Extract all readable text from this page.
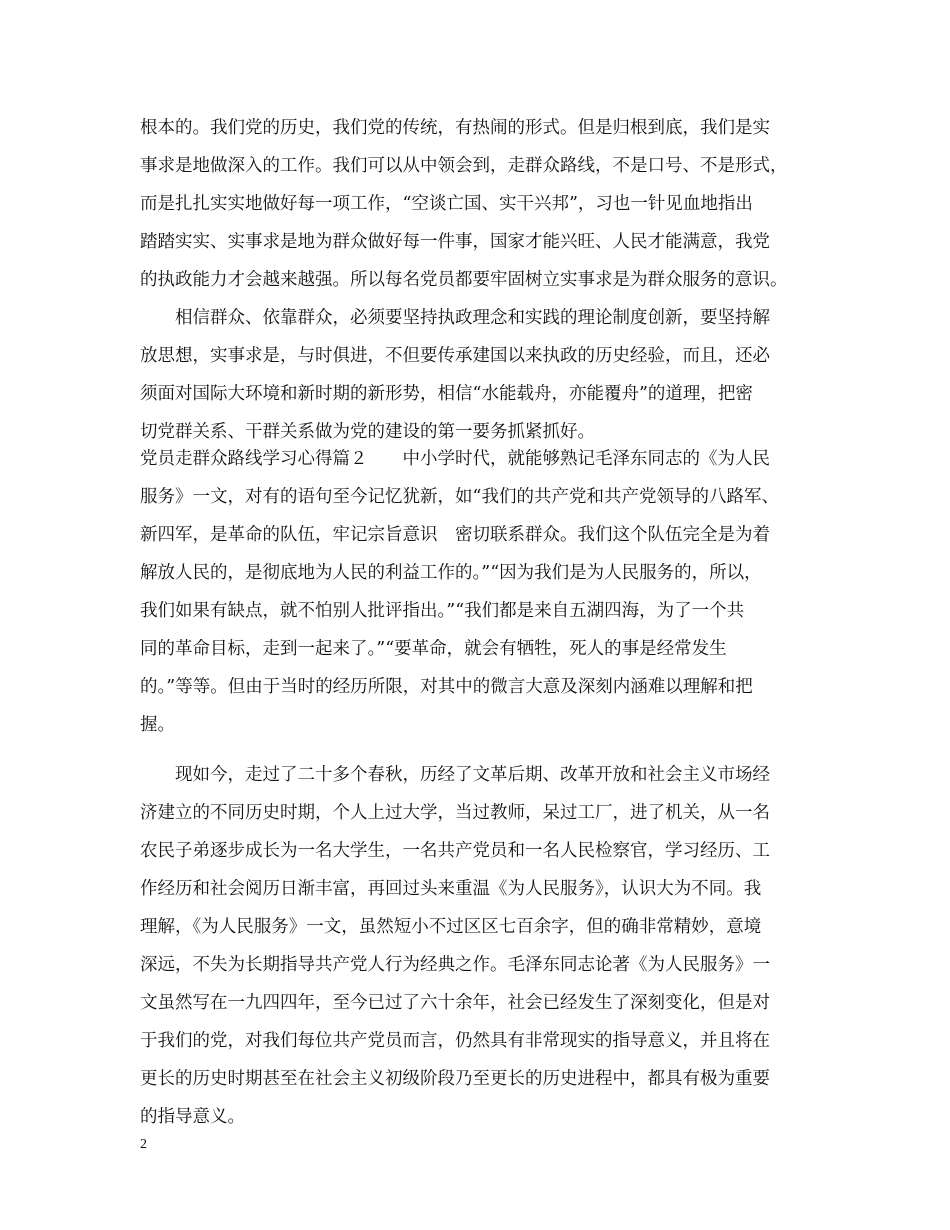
根本的。我们党的历史，我们党的传统，有热闹的形式。但是归根到底，我们是实
事求是地做深入的工作。我们可以从中领会到，走群众路线，不是口号、不是形式，
而是扎扎实实地做好每一项工作，“空谈亡国、实干兴邦”，习也一针见血地指出
踏踏实实、实事求是地为群众做好每一件事，国家才能兴旺、人民才能满意，我党
的执政能力才会越来越强。所以每名党员都要牢固树立实事求是为群众服务的意识。
相信群众、依靠群众，必须要坚持执政理念和实践的理论制度创新，要坚持解
放思想，实事求是，与时俱进，不但要传承建国以来执政的历史经验，而且，还必
须面对国际大环境和新时期的新形势，相信“水能载舟，亦能覆舟”的道理，把密
切党群关系、干群关系做为党的建设的第一要务抓紧抓好。
党员走群众路线学习心得篇２　　中小学时代，就能够熟记毛泽东同志的《为人民
服务》一文，对有的语句至今记忆犹新，如“我们的共产党和共产党领导的八路军、
新四军，是革命的队伍，牢记宗旨意识　密切联系群众。我们这个队伍完全是为着
解放人民的，是彻底地为人民的利益工作的。”“因为我们是为人民服务的，所以，
我们如果有缺点，就不怕别人批评指出。”“我们都是来自五湖四海，为了一个共
同的革命目标，走到一起来了。”“要革命，就会有牺牲，死人的事是经常发生
的。”等等。但由于当时的经历所限，对其中的微言大意及深刻内涵难以理解和把
握。
现如今，走过了二十多个春秋，历经了文革后期、改革开放和社会主义市场经
济建立的不同历史时期，个人上过大学，当过教师，呆过工厂，进了机关，从一名
农民子弟逐步成长为一名大学生，一名共产党员和一名人民检察官，学习经历、工
作经历和社会阅历日渐丰富，再回过头来重温《为人民服务》，认识大为不同。我
理解，《为人民服务》一文，虽然短小不过区区七百余字，但的确非常精妙，意境
深远，不失为长期指导共产党人行为经典之作。毛泽东同志论著《为人民服务》一
文虽然写在一九四四年，至今已过了六十余年，社会已经发生了深刻变化，但是对
于我们的党，对我们每位共产党员而言，仍然具有非常现实的指导意义，并且将在
更长的历史时期甚至在社会主义初级阶段乃至更长的历史进程中，都具有极为重要
的指导意义。
2
